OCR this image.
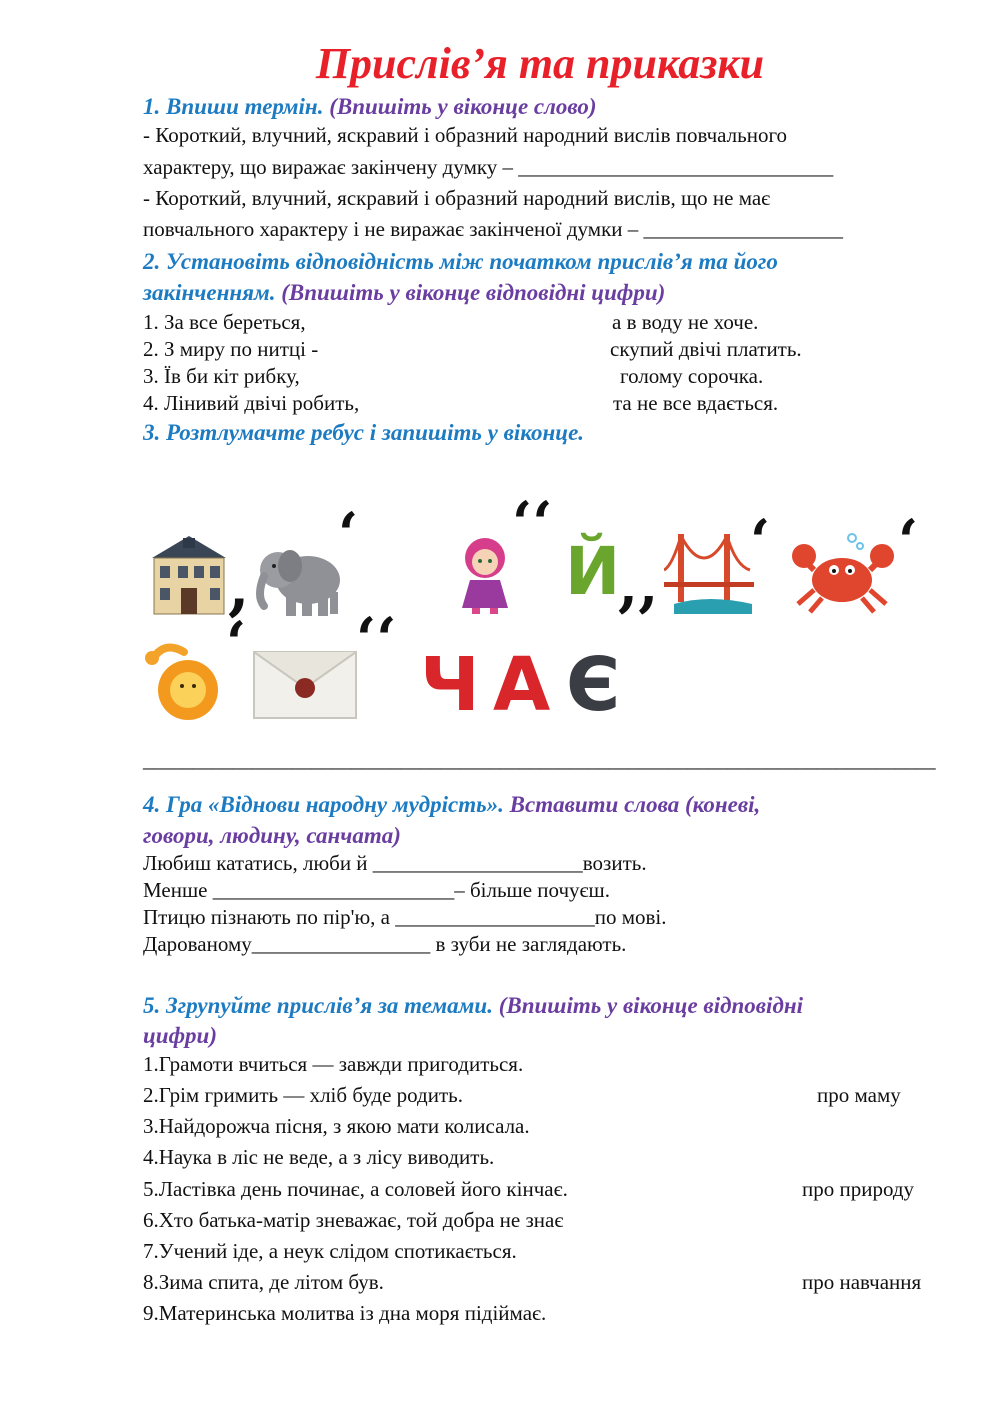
Прислів’я та приказки
1. Впиши термін. (Впишіть у віконце слово)
- Короткий, влучний, яскравий і образний народний вислів повчального
характеру, що виражає закінчену думку – ______________________________
- Короткий, влучний, яскравий і образний народний вислів, що не має
повчального характеру і не виражає закінченої думки – ___________________
2. Установіть відповідність між початком прислів’я та його
закінченням. (Впишіть у віконце відповідні цифри)
1. За все береться,
2. З миру по нитці -
3. Їв би кіт рибку,
4. Лінивий двічі робить,
а в воду не хоче.
скупий двічі платить.
голому сорочка.
та не все вдається.
3. Розтлумачте ребус і запишіть у віконце.
,
‘	‘‘
Й
,,
‘ ‘
‘ ‘‘
Ч А Є
________________________________________________________________________________
4. Гра «Віднови народну мудрість». Вставити слова (коневі,
говори, людину, санчата)
Любиш кататись, люби й ____________________возить.
Менше _______________________– більше почуєш.
Птицю пізнають по пір'ю, а ___________________по мові.
Дарованому_________________ в зуби не заглядають.
5. Згрупуйте прислів’я за темами. (Впишіть у віконце відповідні
цифри)
1.Грамоти вчиться — завжди пригодиться.
2.Грім гримить — хліб буде родить.
3.Найдорожча пісня, з якою мати колисала.
4.Наука в ліс не веде, а з лісу виводить.
5.Ластівка день починає, а соловей його кінчає.
6.Хто батька-матір зневажає, той добра не знає
7.Учений іде, а неук слідом спотикається.
8.Зима спита, де літом був.
9.Материнська молитва із дна моря підіймає.
про маму
про природу
про навчання
